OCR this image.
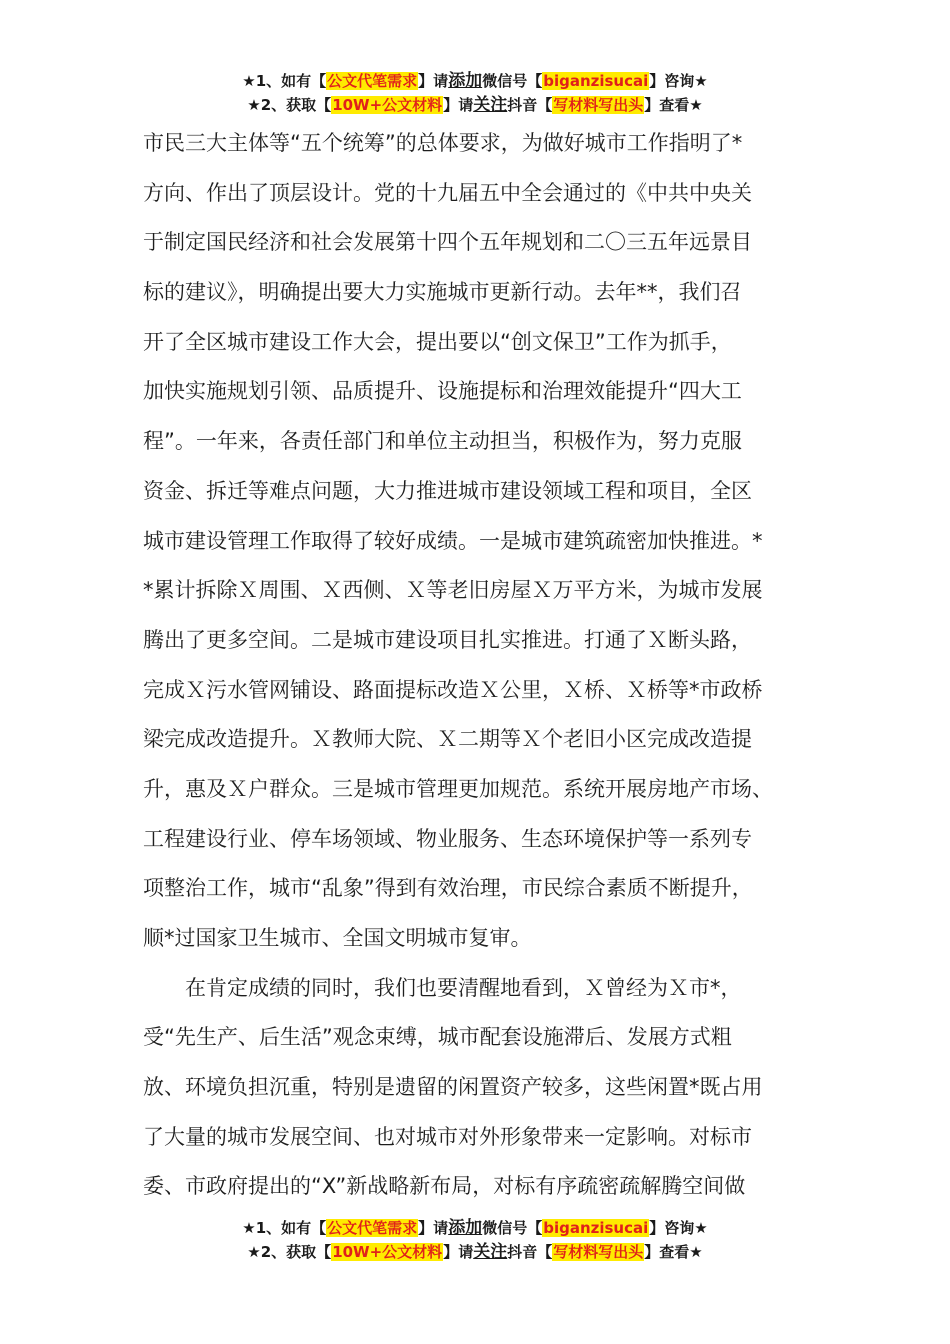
★1、如有【公文代笔需求】请添加微信号【biganzisucai】咨询★
★2、获取【10W+公文材料】请关注抖音【写材料写出头】查看★
市民三大主体等“五个统筹”的总体要求，为做好城市工作指明了*
方向、作出了顶层设计。党的十九届五中全会通过的《中共中央关
于制定国民经济和社会发展第十四个五年规划和二〇三五年远景目
标的建议》，明确提出要大力实施城市更新行动。去年**，我们召
开了全区城市建设工作大会，提出要以“创文保卫”工作为抓手，
加快实施规划引领、品质提升、设施提标和治理效能提升“四大工
程”。一年来，各责任部门和单位主动担当，积极作为，努力克服
资金、拆迁等难点问题，大力推进城市建设领域工程和项目，全区
城市建设管理工作取得了较好成绩。一是城市建筑疏密加快推进。*
*累计拆除Ｘ周围、Ｘ西侧、Ｘ等老旧房屋Ｘ万平方米，为城市发展
腾出了更多空间。二是城市建设项目扎实推进。打通了Ｘ断头路，
完成Ｘ污水管网铺设、路面提标改造Ｘ公里，Ｘ桥、Ｘ桥等*市政桥
梁完成改造提升。Ｘ教师大院、Ｘ二期等Ｘ个老旧小区完成改造提
升，惠及Ｘ户群众。三是城市管理更加规范。系统开展房地产市场、
工程建设行业、停车场领域、物业服务、生态环境保护等一系列专
项整治工作，城市“乱象”得到有效治理，市民综合素质不断提升，
顺*过国家卫生城市、全国文明城市复审。
　　在肯定成绩的同时，我们也要清醒地看到，Ｘ曾经为Ｘ市*，
受“先生产、后生活”观念束缚，城市配套设施滞后、发展方式粗
放、环境负担沉重，特别是遗留的闲置资产较多，这些闲置*既占用
了大量的城市发展空间、也对城市对外形象带来一定影响。对标市
委、市政府提出的“X”新战略新布局，对标有序疏密疏解腾空间做
★1、如有【公文代笔需求】请添加微信号【biganzisucai】咨询★
★2、获取【10W+公文材料】请关注抖音【写材料写出头】查看★
